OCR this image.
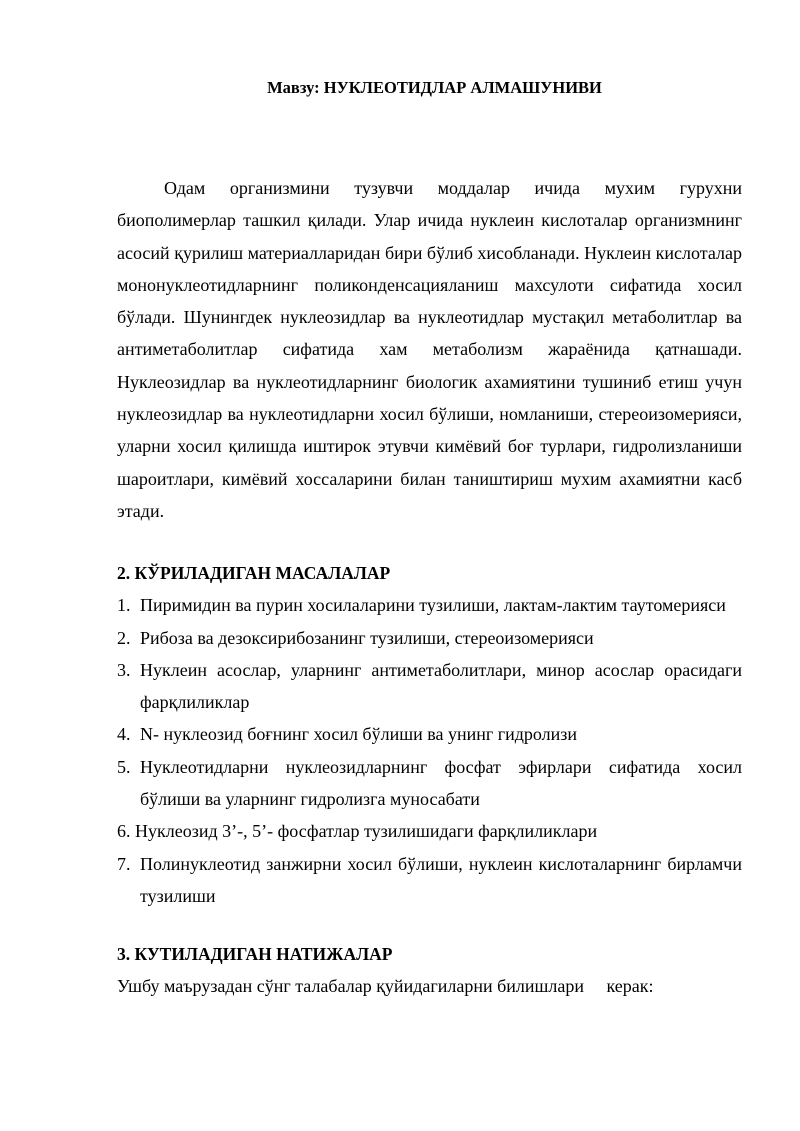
Мавзу: НУКЛЕОТИДЛАР АЛМАШУНИВИ

Одам организмини тузувчи моддалар ичида мухим гурухни биополимерлар ташкил қилади. Улар ичида нуклеин кислоталар организмнинг асосий қурилиш материалларидан бири бўлиб хисобланади. Нуклеин кислоталар мононуклеотидларнинг поликонденсацияланиш махсулоти сифатида хосил бўлади. Шунингдек нуклеозидлар ва нуклеотидлар мустақил метаболитлар ва антиметаболитлар сифатида хам метаболизм жараёнида қатнашади. Нуклеозидлар ва нуклеотидларнинг биологик ахамиятини тушиниб етиш учун нуклеозидлар ва нуклеотидларни хосил бўлиши, номланиши, стереоизомерияси, уларни хосил қилишда иштирок этувчи кимёвий боғ турлари, гидролизланиши шароитлари, кимёвий хоссаларини билан таништириш мухим ахамиятни касб этади.

2. КЎРИЛАДИГАН МАСАЛАЛАР
1. Пиримидин ва пурин хосилаларини тузилиши, лактам-лактим таутомерияси
2. Рибоза ва дезоксирибозанинг тузилиши, стереоизомерияси
3. Нуклеин асослар, уларнинг антиметаболитлари, минор асослар орасидаги фарқлиликлар
4. N- нуклеозид боғнинг хосил бўлиши ва унинг гидролизи
5. Нуклеотидларни нуклеозидларнинг фосфат эфирлари сифатида хосил бўлиши ва уларнинг гидролизга муносабати
6. Нуклеозид 3’-, 5’- фосфатлар тузилишидаги фарқлиликлари
7. Полинуклеотид занжирни хосил бўлиши, нуклеин кислоталарнинг бирламчи тузилиши
3. КУТИЛАДИГАН НАТИЖАЛАР

Ушбу маърузадан сўнг талабалар қуйидагиларни билишлари     керак:
